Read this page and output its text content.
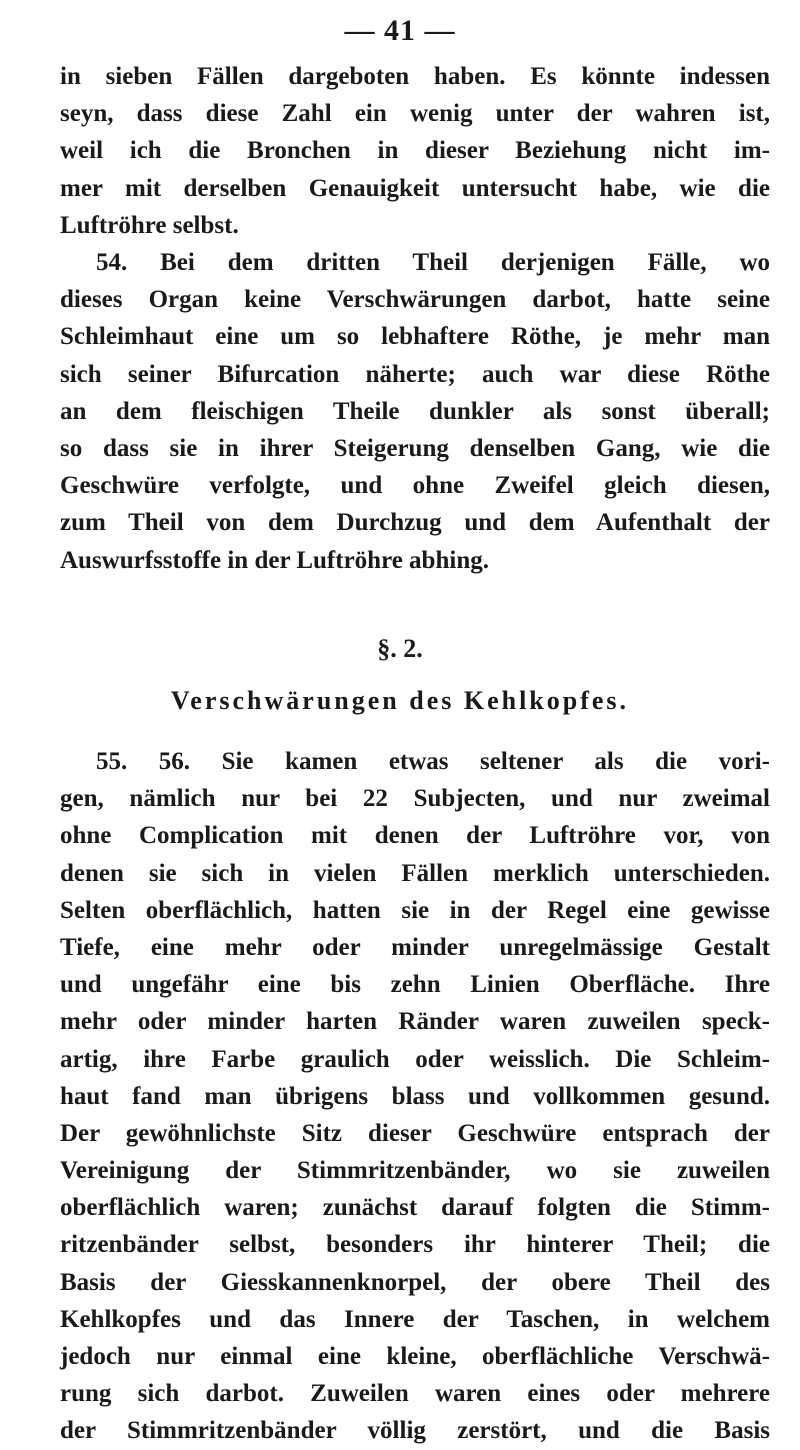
— 41 —
in sieben Fällen dargeboten haben. Es könnte indessen
seyn, dass diese Zahl ein wenig unter der wahren ist,
weil ich die Bronchen in dieser Beziehung nicht im-
mer mit derselben Genauigkeit untersucht habe, wie die
Luftröhre selbst.
54. Bei dem dritten Theil derjenigen Fälle, wo
dieses Organ keine Verschwärungen darbot, hatte seine
Schleimhaut eine um so lebhaftere Röthe, je mehr man
sich seiner Bifurcation näherte; auch war diese Röthe
an dem fleischigen Theile dunkler als sonst überall;
so dass sie in ihrer Steigerung denselben Gang, wie die
Geschwüre verfolgte, und ohne Zweifel gleich diesen,
zum Theil von dem Durchzug und dem Aufenthalt der
Auswurfsstoffe in der Luftröhre abhing.
§. 2.
Verschwärungen des Kehlkopfes.
55. 56. Sie kamen etwas seltener als die vori-
gen, nämlich nur bei 22 Subjecten, und nur zweimal
ohne Complication mit denen der Luftröhre vor, von
denen sie sich in vielen Fällen merklich unterschieden.
Selten oberflächlich, hatten sie in der Regel eine gewisse
Tiefe, eine mehr oder minder unregelmässige Gestalt
und ungefähr eine bis zehn Linien Oberfläche. Ihre
mehr oder minder harten Ränder waren zuweilen speck-
artig, ihre Farbe graulich oder weisslich. Die Schleim-
haut fand man übrigens blass und vollkommen gesund.
Der gewöhnlichste Sitz dieser Geschwüre entsprach der
Vereinigung der Stimmritzenbänder, wo sie zuweilen
oberflächlich waren; zunächst darauf folgten die Stimm-
ritzenbänder selbst, besonders ihr hinterer Theil; die
Basis der Giesskannenknorpel, der obere Theil des
Kehlkopfes und das Innere der Taschen, in welchem
jedoch nur einmal eine kleine, oberflächliche Verschwä-
rung sich darbot. Zuweilen waren eines oder mehrere
der Stimmritzenbänder völlig zerstört, und die Basis
